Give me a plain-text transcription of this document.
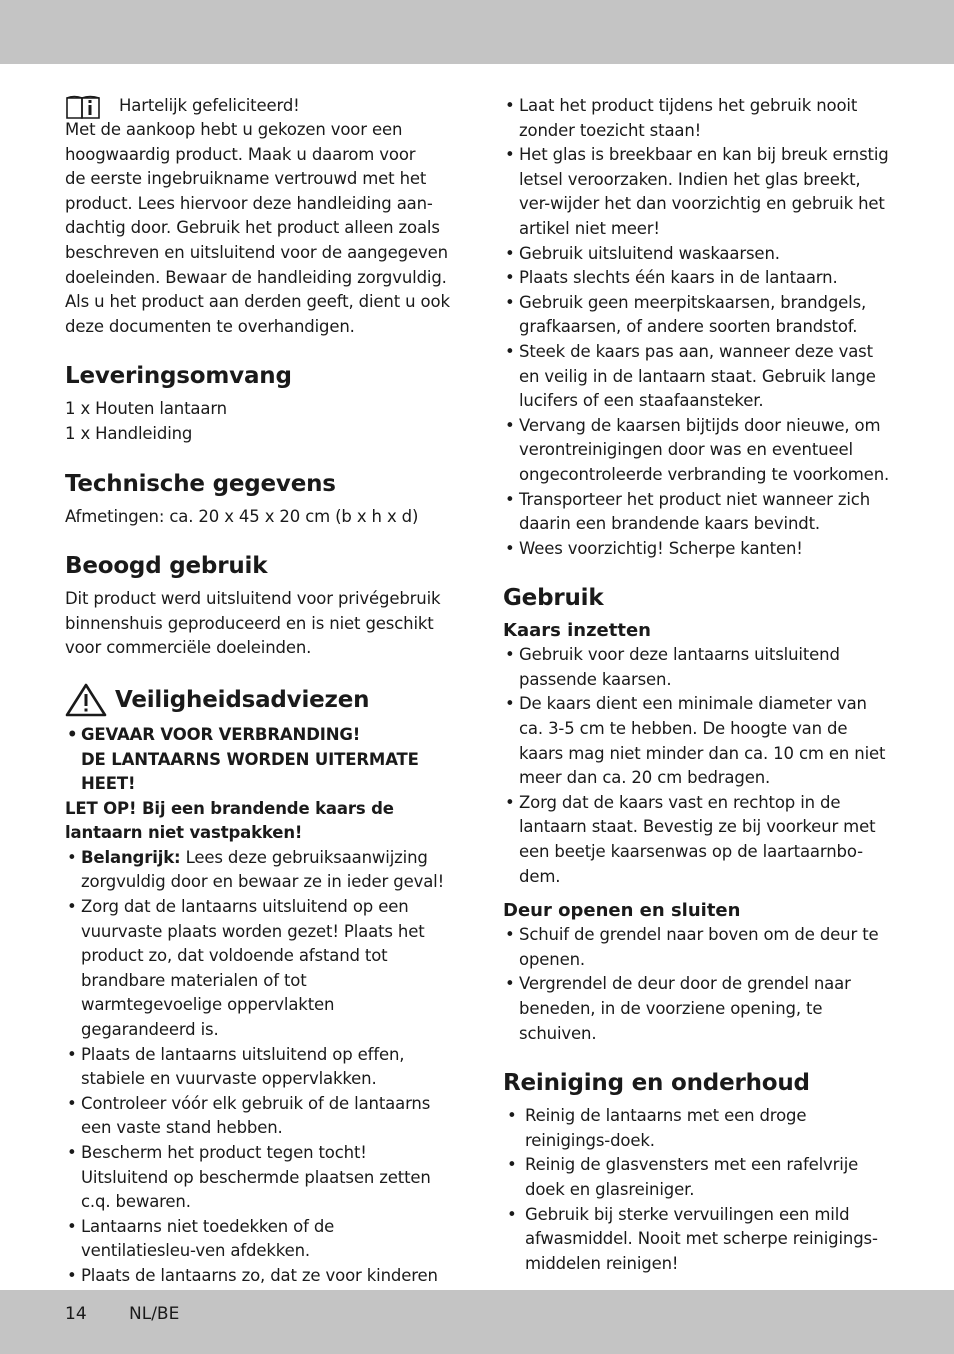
Hartelijk gefeliciteerd!

Met de aankoop hebt u gekozen voor een

hoogwaardig product. Maak u daarom voor

de eerste ingebruikname vertrouwd met het

product. Lees hiervoor deze handleiding aan-

dachtig door. Gebruik het product alleen zoals

beschreven en uitsluitend voor de aangegeven

doeleinden. Bewaar de handleiding zorgvuldig.

Als u het product aan derden geeft, dient u ook

deze documenten te overhandigen.

Leveringsomvang

1 x Houten lantaarn

1 x Handleiding

Technische gegevens

Afmetingen: ca. 20 x 45 x 20 cm (b x h x d)

Beoogd gebruik

Dit product werd uitsluitend voor privégebruik

binnenshuis geproduceerd en is niet geschikt

voor commerciële doeleinden.

Veiligheidsadviezen
• GEVAAR VOOR VERBRANDING!
DE LANTAARNS WORDEN UITERMATE
HEET!

LET OP! Bij een brandende kaars de

lantaarn niet vastpakken!

• Belangrijk: Lees deze gebruiksaanwijzing zorgvuldig door en bewaar ze in ieder geval!
• Zorg dat de lantaarns uitsluitend op een vuurvaste plaats worden gezet! Plaats het product zo, dat voldoende afstand tot brandbare materialen of tot warmtegevoelige oppervlakten gegarandeerd is.
• Plaats de lantaarns uitsluitend op effen, stabiele en vuurvaste oppervlakken.
• Controleer vóór elk gebruik of de lantaarns een vaste stand hebben.
• Bescherm het product tegen tocht! Uitsluitend op beschermde plaatsen zetten c.q. bewaren.
• Lantaarns niet toedekken of de ventilatiesleu-ven afdekken.
• Plaats de lantaarns zo, dat ze voor kinderen
• Laat het product tijdens het gebruik nooit zonder toezicht staan!
• Het glas is breekbaar en kan bij breuk ernstig letsel veroorzaken. Indien het glas breekt, ver-wijder het dan voorzichtig en gebruik het artikel niet meer!
• Gebruik uitsluitend waskaarsen.
• Plaats slechts één kaars in de lantaarn.
• Gebruik geen meerpitskaarsen, brandgels, grafkaarsen, of andere soorten brandstof.
• Steek de kaars pas aan, wanneer deze vast en veilig in de lantaarn staat. Gebruik lange lucifers of een staafaansteker.
• Vervang de kaarsen bijtijds door nieuwe, om verontreinigingen door was en eventueel ongecontroleerde verbranding te voorkomen.
• Transporteer het product niet wanneer zich daarin een brandende kaars bevindt.
• Wees voorzichtig! Scherpe kanten!
Gebruik
Kaars inzetten
• Gebruik voor deze lantaarns uitsluitend passende kaarsen.
• De kaars dient een minimale diameter van ca. 3-5 cm te hebben. De hoogte van de kaars mag niet minder dan ca. 10 cm en niet meer dan ca. 20 cm bedragen.
• Zorg dat de kaars vast en rechtop in de lantaarn staat. Bevestig ze bij voorkeur met een beetje kaarsenwas op de laartaarnbo-dem.
Deur openen en sluiten
• Schuif de grendel naar boven om de deur te openen.
• Vergrendel de deur door de grendel naar beneden, in de voorziene opening, te schuiven.
Reiniging en onderhoud
• Reinig de lantaarns met een droge reinigings-doek.
• Reinig de glasvensters met een rafelvrije doek en glasreiniger.
• Gebruik bij sterke vervuilingen een mild afwasmiddel. Nooit met scherpe reinigings-middelen reinigen!
14 NL/BE
